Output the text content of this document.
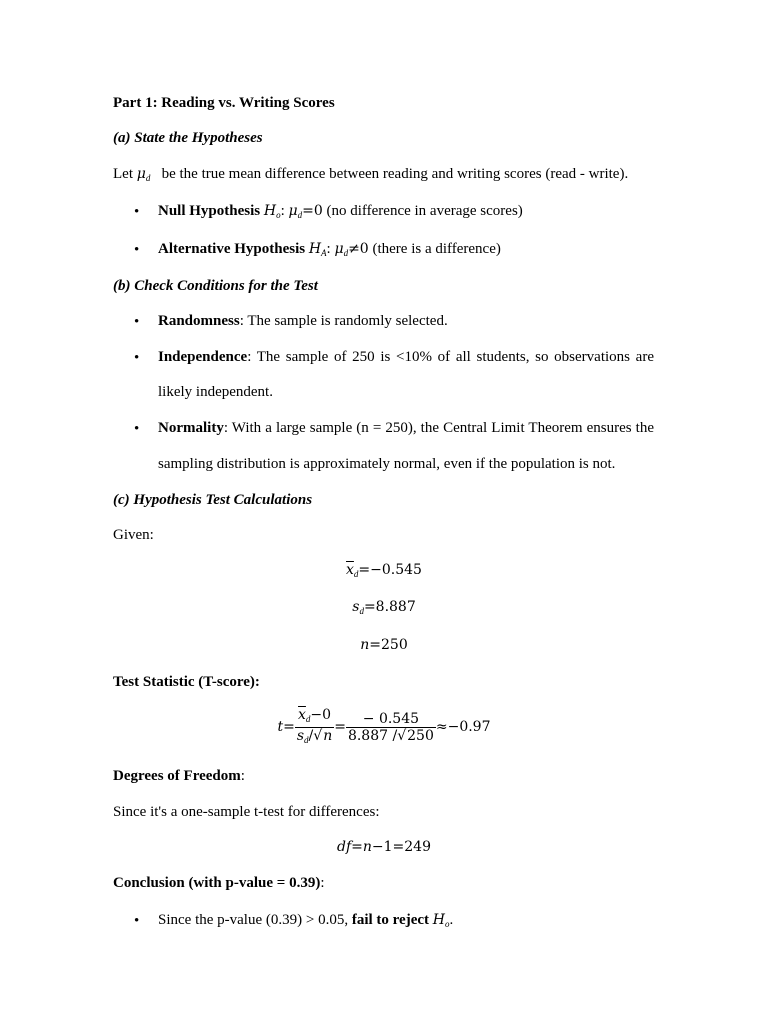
Part 1: Reading vs. Writing Scores
(a) State the Hypotheses
Let $\mu_d$ be the true mean difference between reading and writing scores (read - write).
• Null Hypothesis $H_o$: $\mu_d=0$ (no difference in average scores)
• Alternative Hypothesis $H_A$: $\mu_d\ne 0$ (there is a difference)
(b) Check Conditions for the Test
• Randomness: The sample is randomly selected.
• Independence: The sample of 250 is <10% of all students, so observations are
likely independent.
• Normality: With a large sample (n = 250), the Central Limit Theorem ensures the
sampling distribution is approximately normal, even if the population is not.
(c) Hypothesis Test Calculations
Given:
$\overline{x}_d=-0.545$
$s_d=8.887$
n=250
Test Statistic (T-score):
$t= \frac{\overline{x}_d-0}{s_d/√n} = \frac{- 0.545}{8.887 /√250} \approx-0.97$
Degrees of Freedom:
Since it's a one-sample t-test for differences:
df=n−1=249
Conclusion (with p-value = 0.39):
• Since the p-value (0.39) > 0.05, fail to reject $H_o$.
